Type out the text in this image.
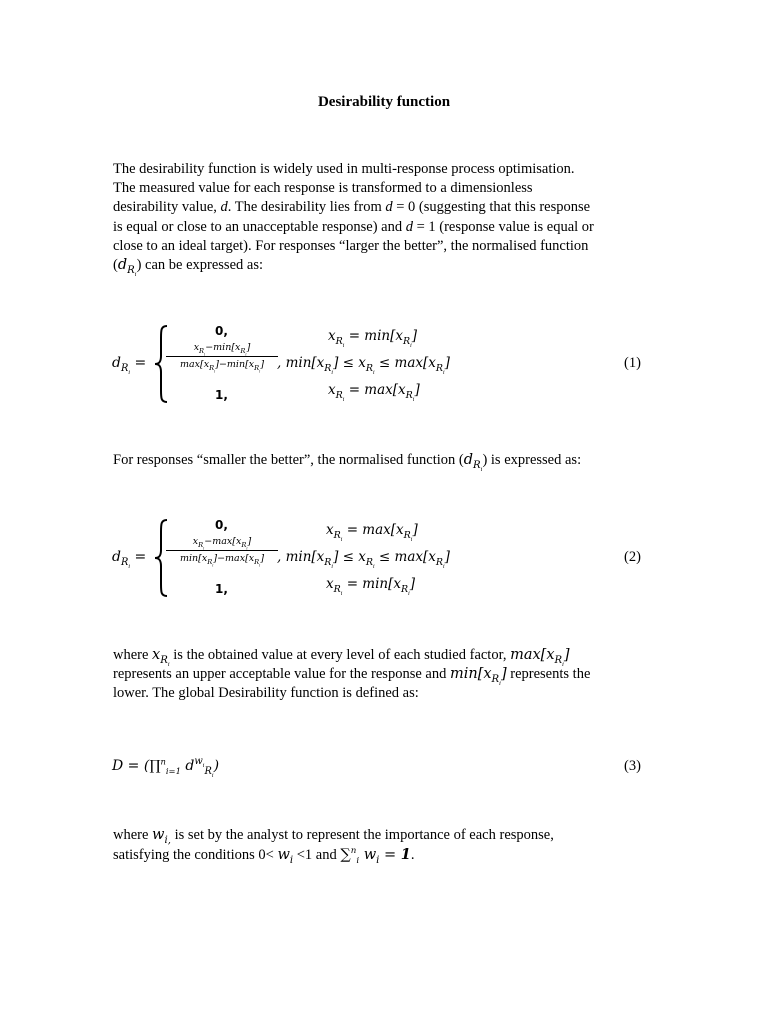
Desirability function
The desirability function is widely used in multi-response process optimisation.
The measured value for each response is transformed to a dimensionless
desirability value, d. The desirability lies from d = 0 (suggesting that this response
is equal or close to an unacceptable response) and d = 1 (response value is equal or
close to an ideal target). For responses “larger the better”, the normalised function
$(d_{R_i})$ can be expressed as:
$d_{R_i}$ =
0,
$x_{R_i}-\min[x_{R_i}]$
$\max[x_{R_i}]-\min[x_{R_i}]$
1,
$x_{R_i} = \min[x_{R_i}]$
, $\min[x_{R_i}] \le x_{R_i} \le \max[x_{R_i}]$
$x_{R_i} = \max[x_{R_i}]$
(1)
For responses “smaller the better”, the normalised function $(d_{R_i})$ is expressed as:
$d_{R_i}$ =
0,
$x_{R_i}-\max[x_{R_i}]$
$\min[x_{R_i}]-\max[x_{R_i}]$
1,
$x_{R_i} = \max[x_{R_i}]$
, $\min[x_{R_i}] \le x_{R_i} \le \max[x_{R_i}]$
$x_{R_i} = \min[x_{R_i}]$
(2)
where $x_{R_i}$ is the obtained value at every level of each studied factor, $\max[x_{R_i}]$
represents an upper acceptable value for the response and $\min[x_{R_i}]$ represents the
lower. The global Desirability function is defined as:
D = (∏$^n_{i=1}$ $d^{w_i}_{R_i}$)	(3)
where $w_{i,}$ is set by the analyst to represent the importance of each response,
satisfying the conditions $0< w_i <1$ and ∑$^n_i$ $w_i = 1$.
